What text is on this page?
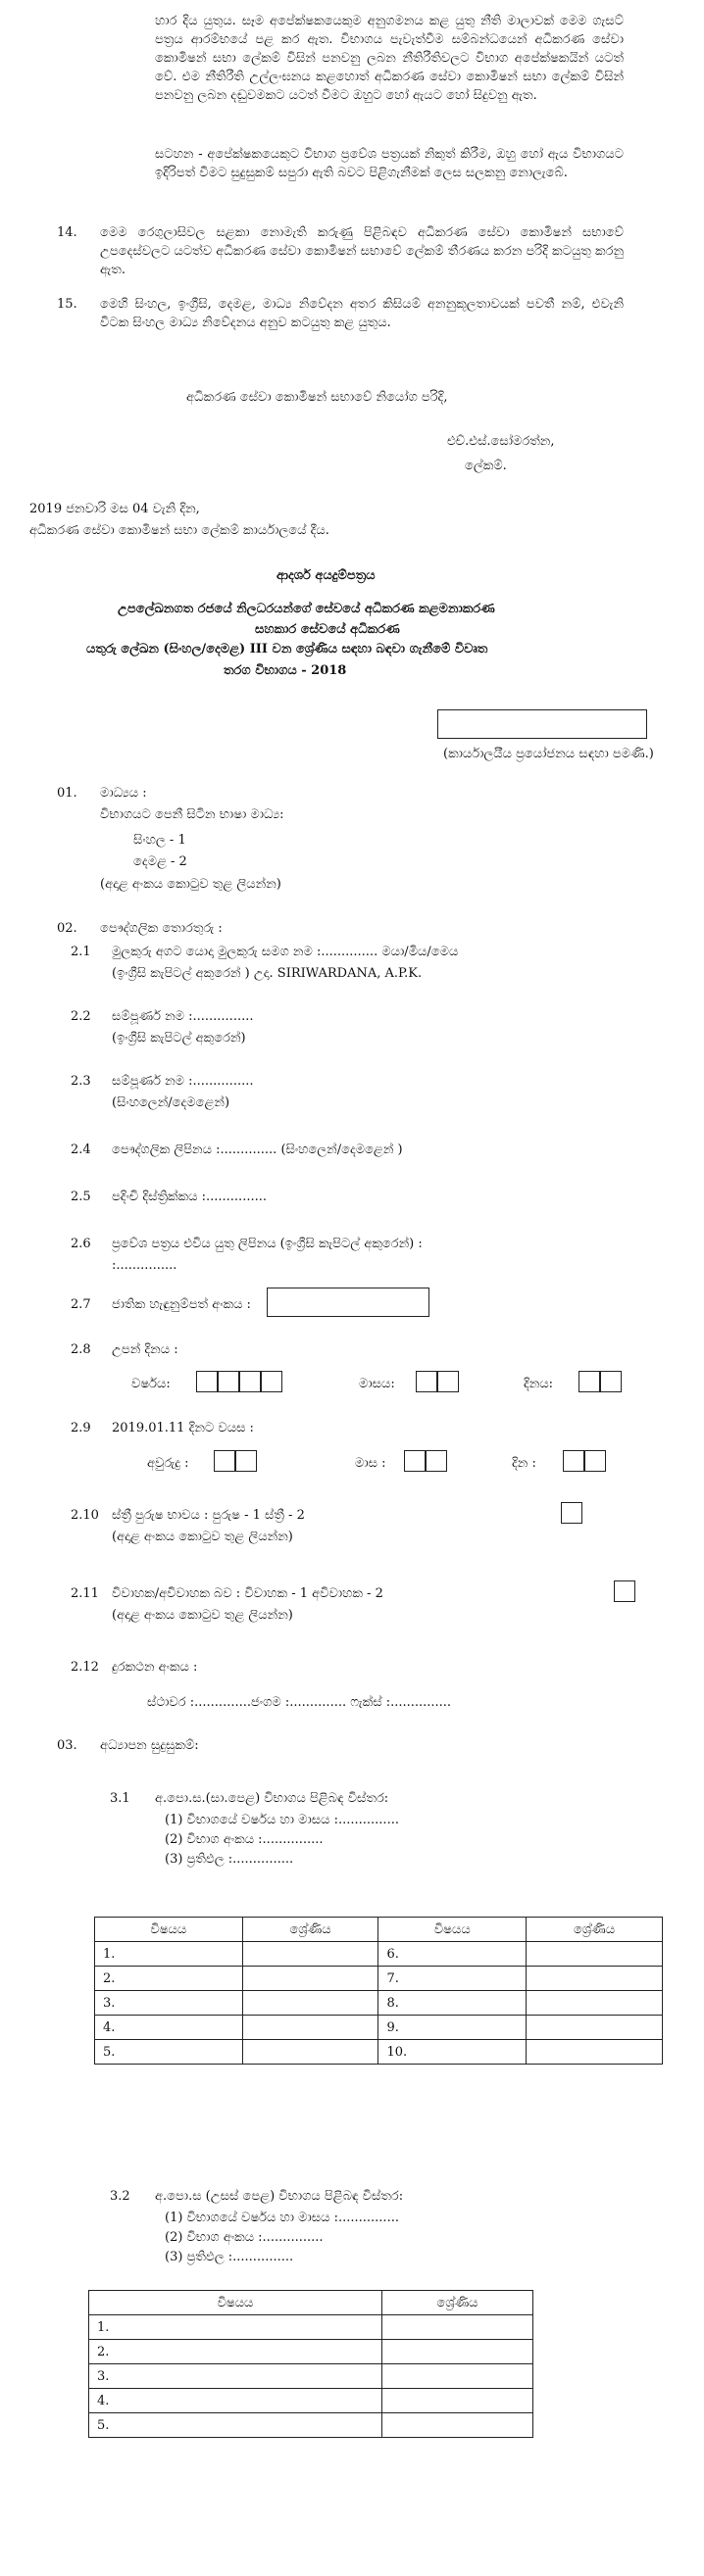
හාර දිය යුතුය. සෑම අපේක්ෂකයෙකුම අනුගමනය කළ යුතු නීති මාලාවක් මෙම ගැසට් පත්‍රය ආරම්භයේ පළ කර ඇත. විභාගය පැවැත්වීම සම්බන්ධයෙන් අධිකරණ සේවා කොමිෂන් සභා ලේකම් විසින් පනවනු ලබන නීතිරීතිවලට විභාග අපේක්ෂකයින් යටත් වේ. එම නීතිරීති උල්ලංඝනය කළහොත් අධිකරණ සේවා කොමිෂන් සභා ලේකම් විසින් පනවනු ලබන දඬුවමකට යටත් වීමට ඔහුට හෝ ඇයට හෝ සිදුවනු ඇත.
සටහන - අපේක්ෂකයෙකුට විභාග ප්‍රවේශ පත්‍රයක් නිකුත් කිරීම, ඔහු හෝ ඇය විභාගයට ඉදිරිපත් වීමට සුදුසුකම් සපුරා ඇති බවට පිළිගැනීමක් ලෙස සලකනු නොලැබේ.
14. මෙම රෙගුලාසිවල සළකා නොමැති කරුණු පිළිබඳව අධිකරණ සේවා කොමිෂන් සභාවේ උපදෙස්වලට යටත්ව අධිකරණ සේවා කොමිෂන් සභාවේ ලේකම් තීරණය කරන පරිදි කටයුතු කරනු ඇත.
15. මෙහි සිංහල, ඉංග්‍රීසි, දෙමළ, මාධ්‍ය නිවේදන අතර කිසියම් අනනුකූලතාවයක් පවතී නම්, එවැනි විටක සිංහල මාධ්‍ය නිවේදනය අනුව කටයුතු කළ යුතුය.
අධිකරණ සේවා කොමිෂන් සභාවේ නියෝග පරිදි,
එච්.එස්.සෝමරත්න,
ලේකම්.
2019 ජනවාරි මස 04 වැනි දින,
අධිකරණ සේවා කොමිෂන් සභා ලේකම් කාර්යාලයේ දීය.
ආදර්ශ අයදුම්පත්‍රය
උපලේඛනගත රජයේ නිලධරයන්ගේ සේවයේ අධිකරණ කළමනාකරණ
සහකාර සේවයේ අධිකරණ
යතුරු ලේඛන (සිංහල/දෙමළ) III වන ශ්‍රේණිය සඳහා බඳවා ගැනීමේ විවෘත
තරග විභාගය - 2018
(කාර්යාලයීය ප්‍රයෝජනය සඳහා පමණි.)
01. මාධ්‍යය :
විභාගයට පෙනී සිටින භාෂා මාධ්‍ය:
සිංහල - 1
දෙමළ - 2
(අදාළ අංකය කොටුව තුළ ලියන්න)
02. පෞද්ගලික තොරතුරු :
2.1 මුලකුරු අගට යොදා මුලකුරු සමග නම :.............. මයා/මිය/මෙය
(ඉංග්‍රීසි කැපිටල් අකුරෙන් ) උදා. SIRIWARDANA, A.P.K.
2.2 සම්පූර්ණ නම :...............
(ඉංග්‍රීසි කැපිටල් අකුරෙන්)
2.3 සම්පූර්ණ නම :...............
(සිංහලෙන්/දෙමළෙන්)
2.4 පෞද්ගලික ලිපිනය :.............. (සිංහලෙන්/දෙමළෙන් )
2.5 පදිංචි දිස්ත්‍රික්කය :...............
2.6 ප්‍රවේශ පත්‍රය එවිය යුතු ලිපිනය (ඉංග්‍රීසි කැපිටල් අකුරෙන්) :
:...............
2.7 ජාතික හැඳුනුම්පත් අංකය :
2.8 උපන් දිනය :
වර්ෂය:	මාසය:	දිනය:
2.9 2019.01.11 දිනට වයස :
අවුරුදු :	මාස :	දින :
2.10 ස්ත්‍රී පුරුෂ භාවය : පුරුෂ - 1 ස්ත්‍රී - 2
(අදාළ අංකය කොටුව තුළ ලියන්න)
2.11 විවාහක/අවිවාහක බව : විවාහක - 1 අවිවාහක - 2
(අදාළ අංකය කොටුව තුළ ලියන්න)
2.12 දුරකථන අංකය :
ස්ථාවර :..............ජංගම :.............. ෆැක්ස් :...............
03. අධ්‍යාපන සුදුසුකම්:
3.1 අ.පො.ස.(සා.පෙළ) විභාගය පිළිබඳ විස්තර:
(1) විභාගයේ වර්ෂය හා මාසය :...............
(2) විභාග අංකය :...............
(3) ප්‍රතිඵල :...............
විෂයය	ශ්‍රේණිය	විෂයය	ශ්‍රේණිය
1.		6.	
2.		7.	
3.		8.	
4.		9.	
5.		10.	
3.2 අ.පො.ස (උසස් පෙළ) විභාගය පිළිබඳ විස්තර:
(1) විභාගයේ වර්ෂය හා මාසය :...............
(2) විභාග අංකය :...............
(3) ප්‍රතිඵල :...............
විෂයය	ශ්‍රේණිය
1.	
2.	
3.	
4.	
5.	
